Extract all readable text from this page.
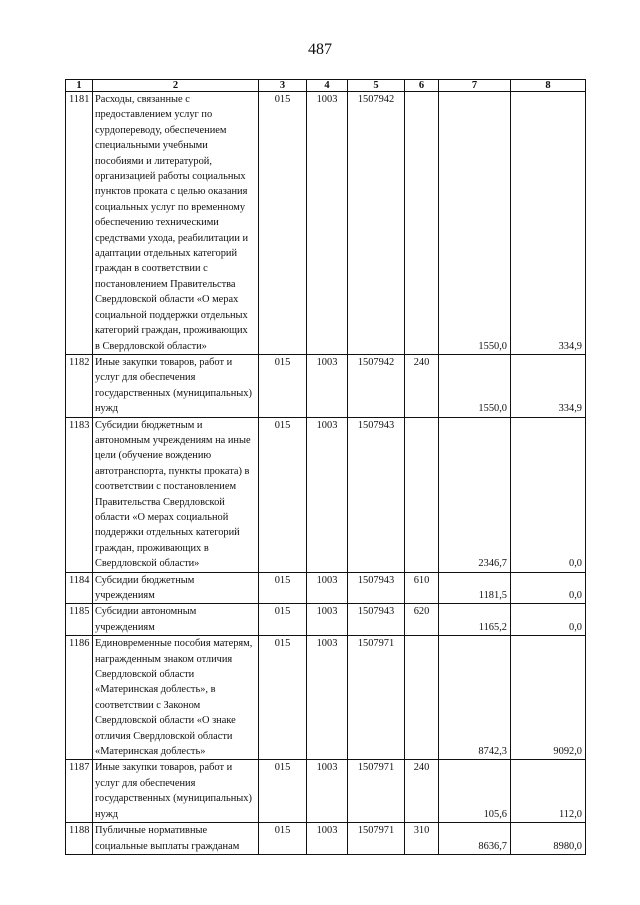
487
1	2	3	4	5	6	7	8
1181	Расходы, связанные с предоставлением услуг по сурдопереводу, обеспечением специальными учебными пособиями и литературой, организацией работы социальных пунктов проката с целью оказания социальных услуг по временному обеспечению техническими средствами ухода, реабилитации и адаптации отдельных категорий граждан в соответствии с постановлением Правительства Свердловской области «О мерах социальной поддержки отдельных категорий граждан, проживающих в Свердловской области»	015	1003	1507942		1550,0	334,9
1182	Иные закупки товаров, работ и услуг для обеспечения государственных (муниципальных) нужд	015	1003	1507942	240	1550,0	334,9
1183	Субсидии бюджетным и автономным учреждениям на иные цели (обучение вождению автотранспорта, пункты проката) в соответствии с постановлением Правительства Свердловской области «О мерах социальной поддержки отдельных категорий граждан, проживающих в Свердловской области»	015	1003	1507943		2346,7	0,0
1184	Субсидии бюджетным учреждениям	015	1003	1507943	610	1181,5	0,0
1185	Субсидии автономным учреждениям	015	1003	1507943	620	1165,2	0,0
1186	Единовременные пособия матерям, награжденным знаком отличия Свердловской области «Материнская доблесть», в соответствии с Законом Свердловской области «О знаке отличия Свердловской области «Материнская доблесть»	015	1003	1507971		8742,3	9092,0
1187	Иные закупки товаров, работ и услуг для обеспечения государственных (муниципальных) нужд	015	1003	1507971	240	105,6	112,0
1188	Публичные нормативные социальные выплаты гражданам	015	1003	1507971	310	8636,7	8980,0
